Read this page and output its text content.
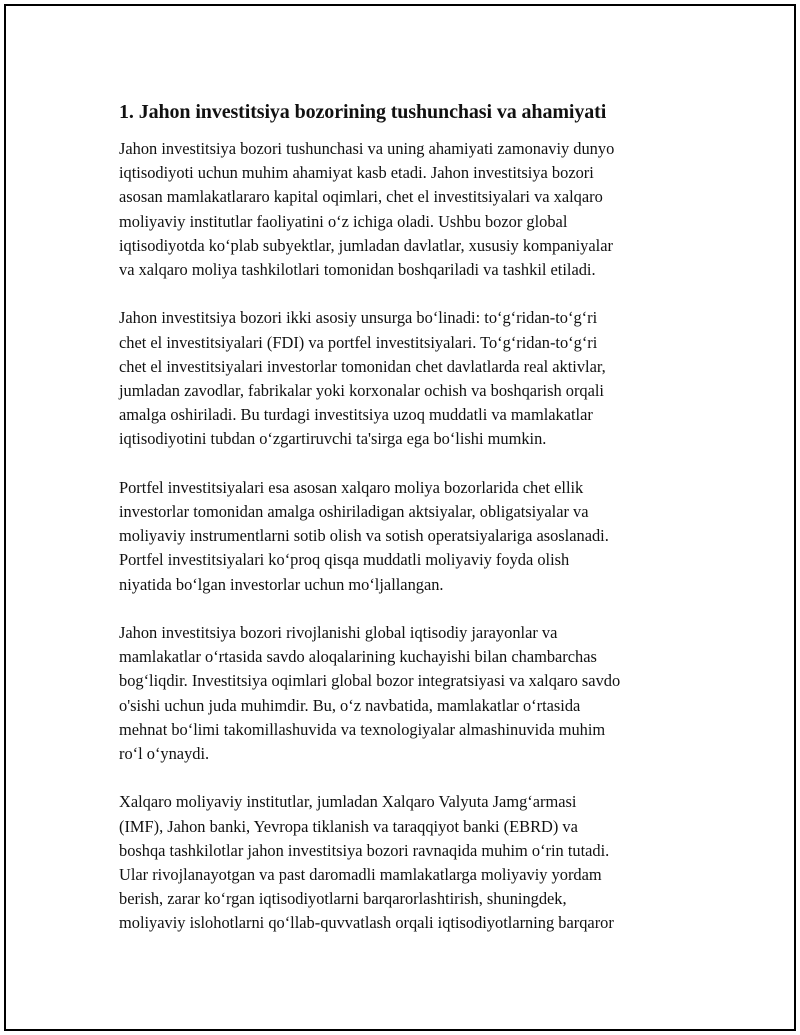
1. Jahon investitsiya bozorining tushunchasi va ahamiyati

Jahon investitsiya bozori tushunchasi va uning ahamiyati zamonaviy dunyo
iqtisodiyoti uchun muhim ahamiyat kasb etadi. Jahon investitsiya bozori
asosan mamlakatlararo kapital oqimlari, chet el investitsiyalari va xalqaro
moliyaviy institutlar faoliyatini o‘z ichiga oladi. Ushbu bozor global
iqtisodiyotda ko‘plab subyektlar, jumladan davlatlar, xususiy kompaniyalar
va xalqaro moliya tashkilotlari tomonidan boshqariladi va tashkil etiladi.

Jahon investitsiya bozori ikki asosiy unsurga bo‘linadi: to‘g‘ridan-to‘g‘ri
chet el investitsiyalari (FDI) va portfel investitsiyalari. To‘g‘ridan-to‘g‘ri
chet el investitsiyalari investorlar tomonidan chet davlatlarda real aktivlar,
jumladan zavodlar, fabrikalar yoki korxonalar ochish va boshqarish orqali
amalga oshiriladi. Bu turdagi investitsiya uzoq muddatli va mamlakatlar
iqtisodiyotini tubdan o‘zgartiruvchi ta'sirga ega bo‘lishi mumkin.

Portfel investitsiyalari esa asosan xalqaro moliya bozorlarida chet ellik
investorlar tomonidan amalga oshiriladigan aktsiyalar, obligatsiyalar va
moliyaviy instrumentlarni sotib olish va sotish operatsiyalariga asoslanadi.
Portfel investitsiyalari ko‘proq qisqa muddatli moliyaviy foyda olish
niyatida bo‘lgan investorlar uchun mo‘ljallangan.

Jahon investitsiya bozori rivojlanishi global iqtisodiy jarayonlar va
mamlakatlar o‘rtasida savdo aloqalarining kuchayishi bilan chambarchas
bog‘liqdir. Investitsiya oqimlari global bozor integratsiyasi va xalqaro savdo
o'sishi uchun juda muhimdir. Bu, o‘z navbatida, mamlakatlar o‘rtasida
mehnat bo‘limi takomillashuvida va texnologiyalar almashinuvida muhim
ro‘l o‘ynaydi.

Xalqaro moliyaviy institutlar, jumladan Xalqaro Valyuta Jamg‘armasi
(IMF), Jahon banki, Yevropa tiklanish va taraqqiyot banki (EBRD) va
boshqa tashkilotlar jahon investitsiya bozori ravnaqida muhim o‘rin tutadi.
Ular rivojlanayotgan va past daromadli mamlakatlarga moliyaviy yordam
berish, zarar ko‘rgan iqtisodiyotlarni barqarorlashtirish, shuningdek,
moliyaviy islohotlarni qo‘llab-quvvatlash orqali iqtisodiyotlarning barqaror
